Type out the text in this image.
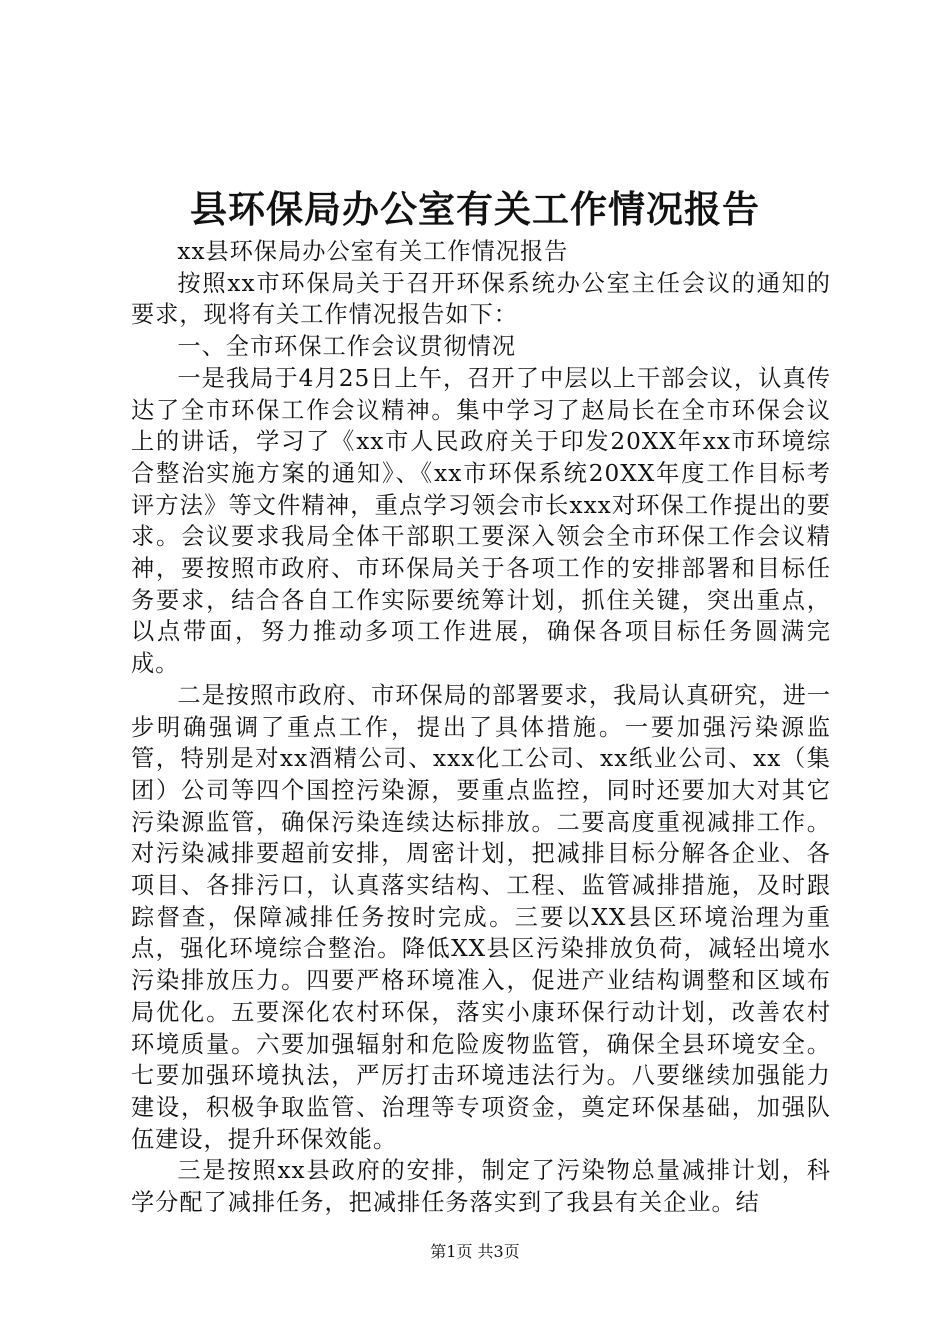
县环保局办公室有关工作情况报告

xx县环保局办公室有关工作情况报告

按照xx市环保局关于召开环保系统办公室主任会议的通知的要求，现将有关工作情况报告如下：

一、全市环保工作会议贯彻情况

一是我局于4月25日上午，召开了中层以上干部会议，认真传达了全市环保工作会议精神。集中学习了赵局长在全市环保会议上的讲话，学习了《xx市人民政府关于印发20XX年xx市环境综合整治实施方案的通知》、《xx市环保系统20XX年度工作目标考评方法》等文件精神，重点学习领会市长xxx对环保工作提出的要求。会议要求我局全体干部职工要深入领会全市环保工作会议精神，要按照市政府、市环保局关于各项工作的安排部署和目标任务要求，结合各自工作实际要统筹计划，抓住关键，突出重点，以点带面，努力推动多项工作进展，确保各项目标任务圆满完成。

二是按照市政府、市环保局的部署要求，我局认真研究，进一步明确强调了重点工作，提出了具体措施。一要加强污染源监管，特别是对xx酒精公司、xxx化工公司、xx纸业公司、xx（集团）公司等四个国控污染源，要重点监控，同时还要加大对其它污染源监管，确保污染连续达标排放。二要高度重视减排工作。对污染减排要超前安排，周密计划，把减排目标分解各企业、各项目、各排污口，认真落实结构、工程、监管减排措施，及时跟踪督查，保障减排任务按时完成。三要以XX县区环境治理为重点，强化环境综合整治。降低XX县区污染排放负荷，减轻出境水污染排放压力。四要严格环境准入，促进产业结构调整和区域布局优化。五要深化农村环保，落实小康环保行动计划，改善农村环境质量。六要加强辐射和危险废物监管，确保全县环境安全。七要加强环境执法，严厉打击环境违法行为。八要继续加强能力建设，积极争取监管、治理等专项资金，奠定环保基础，加强队伍建设，提升环保效能。

三是按照xx县政府的安排，制定了污染物总量减排计划，科学分配了减排任务，把减排任务落实到了我县有关企业。结

第1页 共3页
